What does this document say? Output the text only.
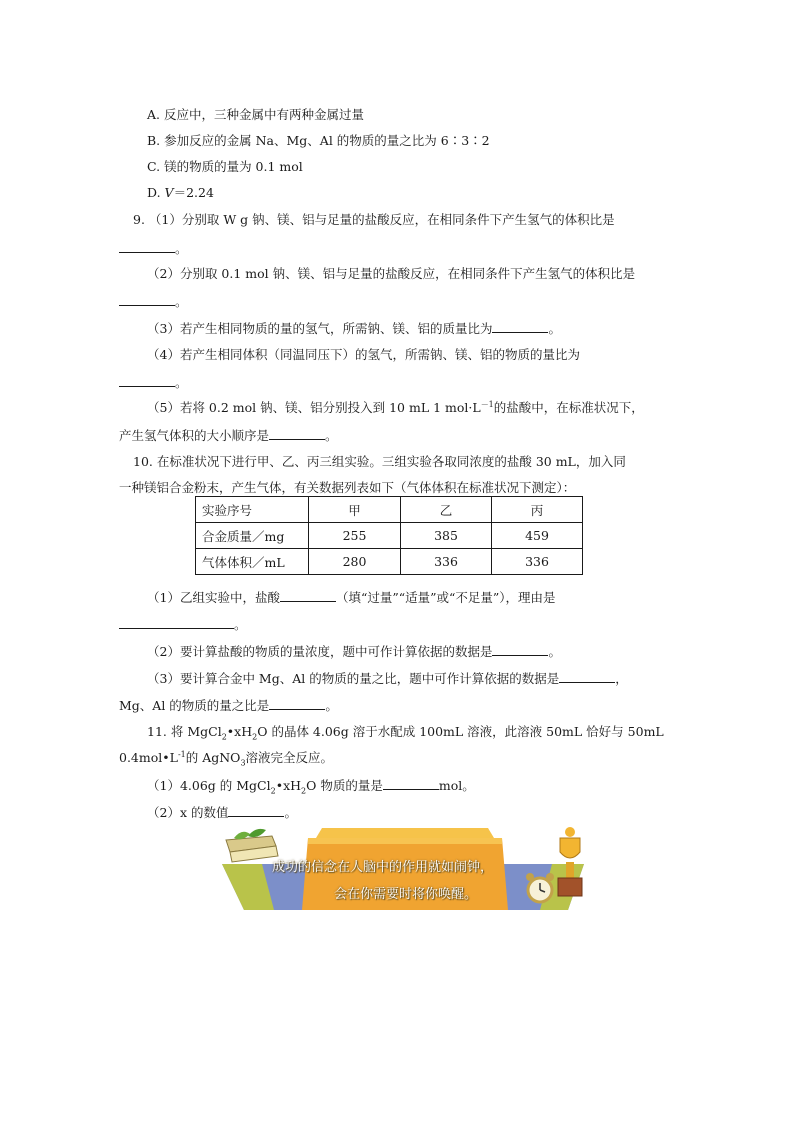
A. 反应中，三种金属中有两种金属过量
B. 参加反应的金属 Na、Mg、Al 的物质的量之比为 6∶3∶2
C. 镁的物质的量为 0.1 mol
D. V＝2.24
9. （1）分别取 W g 钠、镁、铝与足量的盐酸反应，在相同条件下产生氢气的体积比是
。
（2）分别取 0.1 mol 钠、镁、铝与足量的盐酸反应，在相同条件下产生氢气的体积比是
。
（3）若产生相同物质的量的氢气，所需钠、镁、铝的质量比为	。
（4）若产生相同体积（同温同压下）的氢气，所需钠、镁、铝的物质的量比为
。
（5）若将 0.2 mol 钠、镁、铝分别投入到 10 mL 1 $mol\cdot L^{-1}$的盐酸中，在标准状况下，
产生氢气体积的大小顺序是	。
10. 在标准状况下进行甲、乙、丙三组实验。三组实验各取同浓度的盐酸 30 mL，加入同
一种镁铝合金粉末，产生气体，有关数据列表如下（气体体积在标准状况下测定）：
实验序号	甲	乙	丙
合金质量／mg	255	385	459
气体体积／mL	280	336	336
（1）乙组实验中，盐酸	（填“过量”“适量”或“不足量”），理由是
。
（2）要计算盐酸的物质的量浓度，题中可作计算依据的数据是	。
（3）要计算合金中 Mg、Al 的物质的量之比，题中可作计算依据的数据是	，
Mg、Al 的物质的量之比是	。
11. 将 $MgCl_2•xH_2O$ 的晶体 4.06g 溶于水配成 100mL 溶液，此溶液 50mL 恰好与 50mL
$0.4mol•L^{-1}$的 AgNO$_3$溶液完全反应。
（1）4.06g 的 $MgCl_2•xH_2O$ 物质的量是	mol。
（2）x 的数值	。
成功的信念在人脑中的作用就如闹钟，
会在你需要时将你唤醒。
